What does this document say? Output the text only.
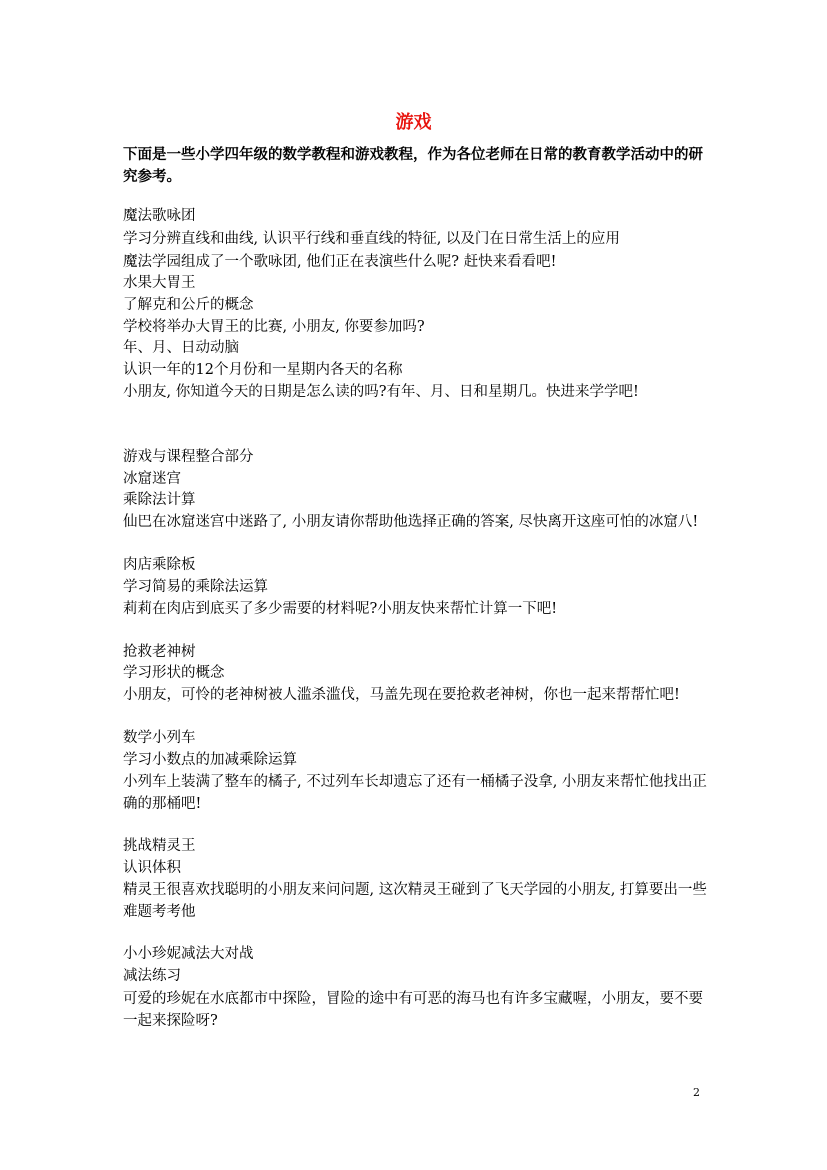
游戏
下面是一些小学四年级的数学教程和游戏教程，作为各位老师在日常的教育教学活动中的研究参考。
魔法歌咏团
学习分辨直线和曲线, 认识平行线和垂直线的特征, 以及门在日常生活上的应用
魔法学园组成了一个歌咏团, 他们正在表演些什么呢? 赶快来看看吧!
水果大胃王
了解克和公斤的概念
学校将举办大胃王的比赛, 小朋友, 你要参加吗?
年、月、日动动脑
认识一年的12个月份和一星期内各天的名称
小朋友, 你知道今天的日期是怎么读的吗?有年、月、日和星期几。快进来学学吧!
游戏与课程整合部分
冰窟迷宫
乘除法计算
仙巴在冰窟迷宫中迷路了, 小朋友请你帮助他选择正确的答案, 尽快离开这座可怕的冰窟八!
肉店乘除板
学习简易的乘除法运算
莉莉在肉店到底买了多少需要的材料呢?小朋友快来帮忙计算一下吧!
抢救老神树
学习形状的概念
小朋友，可怜的老神树被人滥杀滥伐，马盖先现在要抢救老神树，你也一起来帮帮忙吧!
数学小列车
学习小数点的加减乘除运算
小列车上装满了整车的橘子, 不过列车长却遗忘了还有一桶橘子没拿, 小朋友来帮忙他找出正确的那桶吧!
挑战精灵王
认识体积
精灵王很喜欢找聪明的小朋友来问问题, 这次精灵王碰到了飞天学园的小朋友, 打算要出一些难题考考他
小小珍妮减法大对战
减法练习
可爱的珍妮在水底都市中探险，冒险的途中有可恶的海马也有许多宝藏喔，小朋友，要不要一起来探险呀?
2
